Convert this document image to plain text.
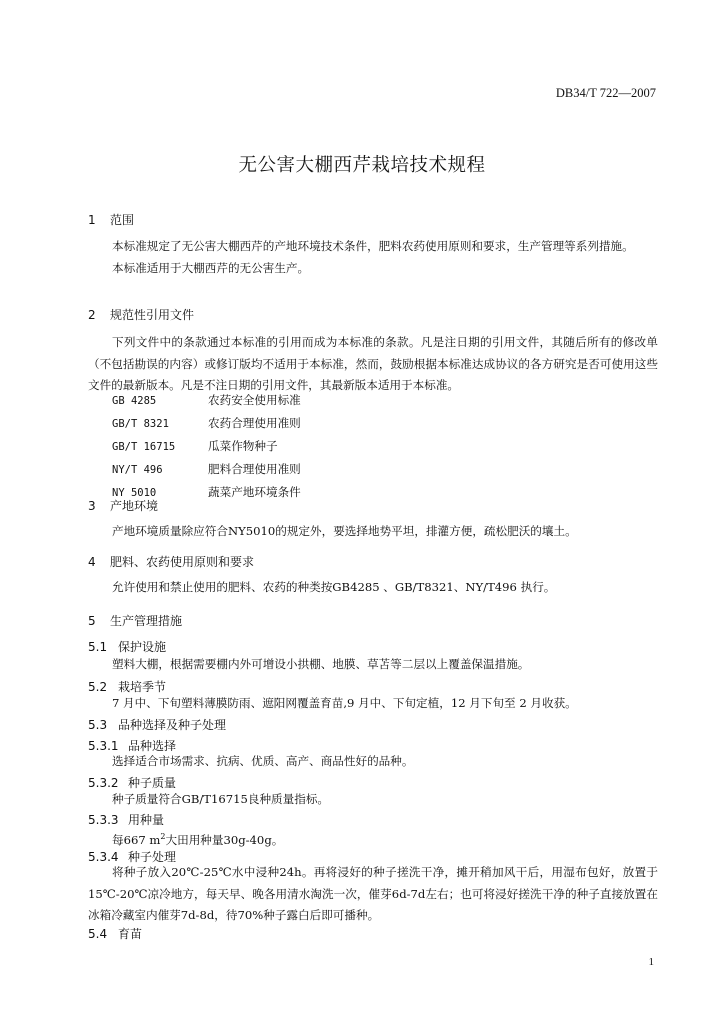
DB34/T 722—2007
无公害大棚西芹栽培技术规程
1 范围

本标准规定了无公害大棚西芹的产地环境技术条件，肥料农药使用原则和要求，生产管理等系列措施。

本标准适用于大棚西芹的无公害生产。

2 规范性引用文件

下列文件中的条款通过本标准的引用而成为本标准的条款。凡是注日期的引用文件，其随后所有的修改单（不包括勘误的内容）或修订版均不适用于本标准，然而，鼓励根据本标准达成协议的各方研究是否可使用这些文件的最新版本。凡是不注日期的引用文件，其最新版本适用于本标准。

GB 4285	农药安全使用标准
GB/T 8321	农药合理使用准则
GB/T 16715	瓜菜作物种子
NY/T 496	肥料合理使用准则
NY 5010	蔬菜产地环境条件
3 产地环境

产地环境质量除应符合NY5010的规定外，要选择地势平坦，排灌方便，疏松肥沃的壤土。

4 肥料、农药使用原则和要求

允许使用和禁止使用的肥料、农药的种类按GB4285 、GB/T8321、NY/T496 执行。

5 生产管理措施
5.1 保护设施
塑料大棚，根据需要棚内外可增设小拱棚、地膜、草苫等二层以上覆盖保温措施。
5.2 栽培季节
7 月中、下旬塑料薄膜防雨、遮阳网覆盖育苗,9 月中、下旬定植，12 月下旬至 2 月收获。
5.3 品种选择及种子处理
5.3.1 品种选择
选择适合市场需求、抗病、优质、高产、商品性好的品种。
5.3.2 种子质量
种子质量符合GB/T16715良种质量指标。
5.3.3 用种量
每667 $m^2$大田用种量30g-40g。
5.3.4 种子处理

将种子放入20℃-25℃水中浸种24h。再将浸好的种子搓洗干净，摊开稍加风干后，用湿布包好，放置于15℃-20℃凉冷地方，每天早、晚各用清水淘洗一次，催芽6d-7d左右；也可将浸好搓洗干净的种子直接放置在冰箱冷藏室内催芽7d-8d，待70%种子露白后即可播种。

5.4 育苗
1
